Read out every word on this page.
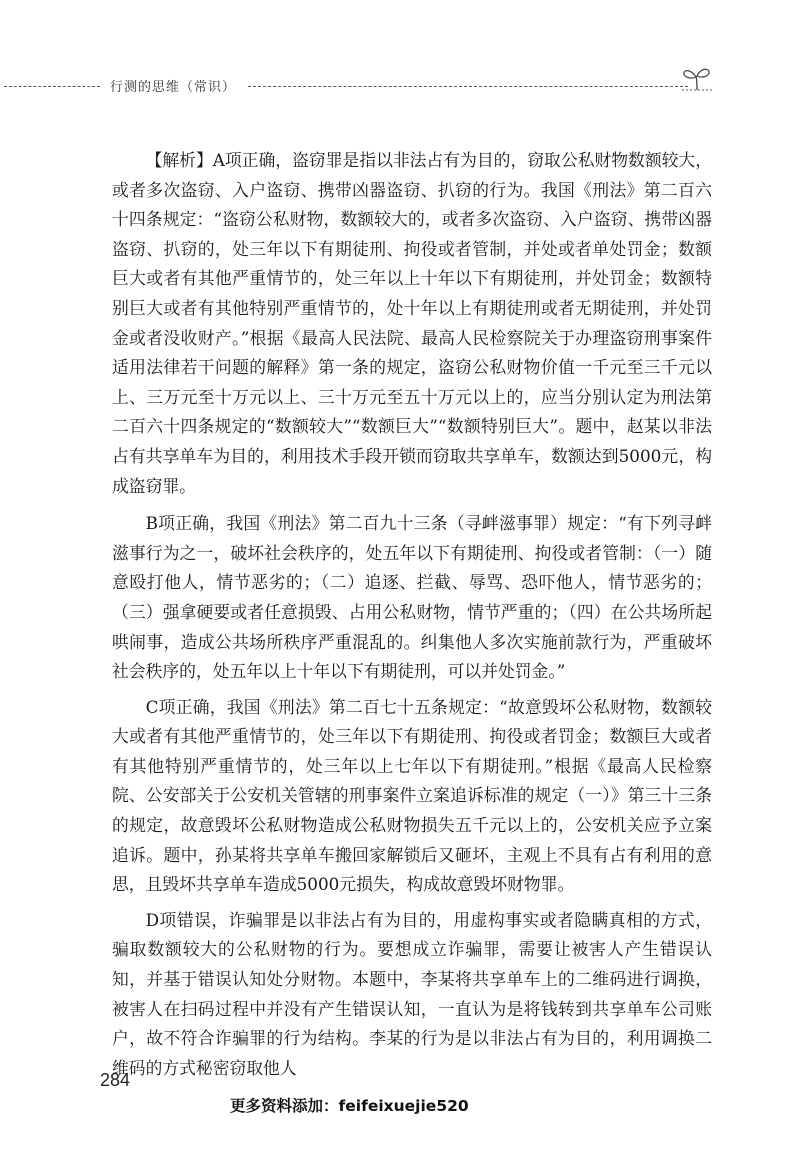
行测的思维（常识）

【解析】A项正确，盗窃罪是指以非法占有为目的，窃取公私财物数额较大，或者多次盗窃、入户盗窃、携带凶器盗窃、扒窃的行为。我国《刑法》第二百六十四条规定：“盗窃公私财物，数额较大的，或者多次盗窃、入户盗窃、携带凶器盗窃、扒窃的，处三年以下有期徒刑、拘役或者管制，并处或者单处罚金；数额巨大或者有其他严重情节的，处三年以上十年以下有期徒刑，并处罚金；数额特别巨大或者有其他特别严重情节的，处十年以上有期徒刑或者无期徒刑，并处罚金或者没收财产。”根据《最高人民法院、最高人民检察院关于办理盗窃刑事案件适用法律若干问题的解释》第一条的规定，盗窃公私财物价值一千元至三千元以上、三万元至十万元以上、三十万元至五十万元以上的，应当分别认定为刑法第二百六十四条规定的“数额较大”“数额巨大”“数额特别巨大”。题中，赵某以非法占有共享单车为目的，利用技术手段开锁而窃取共享单车，数额达到5000元，构成盗窃罪。

B项正确，我国《刑法》第二百九十三条（寻衅滋事罪）规定：“有下列寻衅滋事行为之一，破坏社会秩序的，处五年以下有期徒刑、拘役或者管制：（一）随意殴打他人，情节恶劣的；（二）追逐、拦截、辱骂、恐吓他人，情节恶劣的；（三）强拿硬要或者任意损毁、占用公私财物，情节严重的；（四）在公共场所起哄闹事，造成公共场所秩序严重混乱的。纠集他人多次实施前款行为，严重破坏社会秩序的，处五年以上十年以下有期徒刑，可以并处罚金。”

C项正确，我国《刑法》第二百七十五条规定：“故意毁坏公私财物，数额较大或者有其他严重情节的，处三年以下有期徒刑、拘役或者罚金；数额巨大或者有其他特别严重情节的，处三年以上七年以下有期徒刑。”根据《最高人民检察院、公安部关于公安机关管辖的刑事案件立案追诉标准的规定（一）》第三十三条的规定，故意毁坏公私财物造成公私财物损失五千元以上的，公安机关应予立案追诉。题中，孙某将共享单车搬回家解锁后又砸坏，主观上不具有占有利用的意思，且毁坏共享单车造成5000元损失，构成故意毁坏财物罪。

D项错误，诈骗罪是以非法占有为目的，用虚构事实或者隐瞒真相的方式，骗取数额较大的公私财物的行为。要想成立诈骗罪，需要让被害人产生错误认知，并基于错误认知处分财物。本题中，李某将共享单车上的二维码进行调换，被害人在扫码过程中并没有产生错误认知，一直认为是将钱转到共享单车公司账户，故不符合诈骗罪的行为结构。李某的行为是以非法占有为目的，利用调换二维码的方式秘密窃取他人

284
更多资料添加：feifeixuejie520
